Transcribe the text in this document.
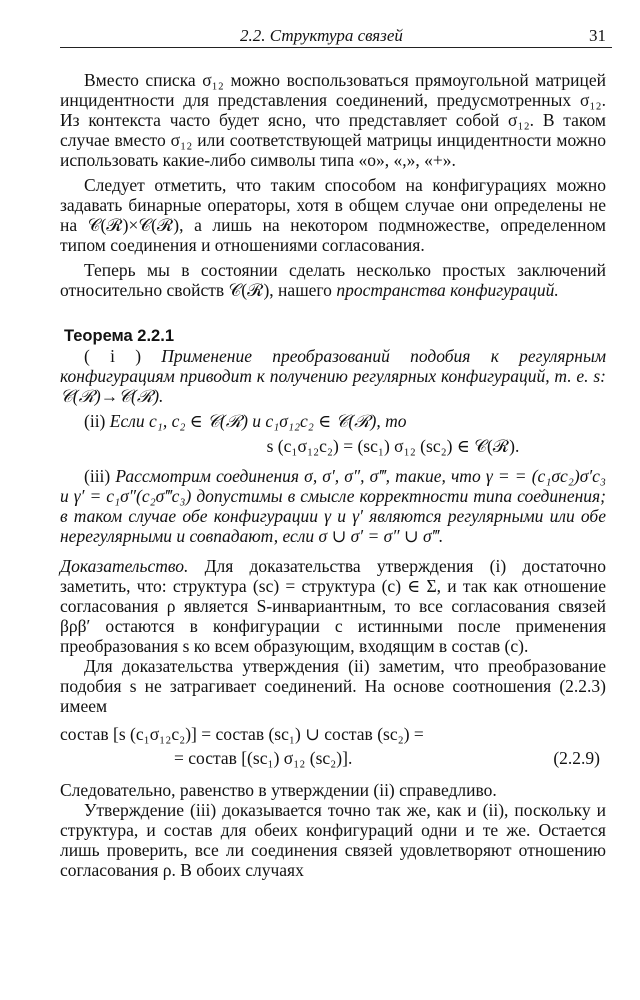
2.2. Структура связей	31

Вместо списка σ₁₂ можно воспользоваться прямоугольной матрицей инцидентности для представления соединений, предусмотренных σ₁₂. Из контекста часто будет ясно, что представляет собой σ₁₂. В таком случае вместо σ₁₂ или соответствующей матрицы инцидентности можно использовать какие-либо символы типа «о», «,», «+».

Следует отметить, что таким способом на конфигурациях можно задавать бинарные операторы, хотя в общем случае они определены не на 𝒞(ℛ)×𝒞(ℛ), а лишь на некотором подмножестве, определенном типом соединения и отношениями согласования.

Теперь мы в состоянии сделать несколько простых заключений относительно свойств 𝒞(ℛ), нашего пространства конфигураций.

Теорема 2.2.1

( i ) Применение преобразований подобия к регулярным конфигурациям приводит к получению регулярных конфигураций, т. е. s: 𝒞(ℛ)→𝒞(ℛ).

(ii) Если c₁, c₂ ∈ 𝒞(ℛ) и c₁σ₁₂c₂ ∈ 𝒞(ℛ), то

s (c₁σ₁₂c₂) = (sc₁) σ₁₂ (sc₂) ∈ 𝒞(ℛ).

(iii) Рассмотрим соединения σ, σ′, σ″, σ‴, такие, что γ = = (c₁σc₂)σ′c₃ и γ′ = c₁σ″(c₂σ‴c₃) допустимы в смысле корректности типа соединения; в таком случае обе конфигурации γ и γ′ являются регулярными или обе нерегулярными и совпадают, если σ ∪ σ′ = σ″ ∪ σ‴.

Доказательство. Для доказательства утверждения (i) достаточно заметить, что: структура (sc) = структура (c) ∈ Σ, и так как отношение согласования ρ является S-инвариантным, то все согласования связей βρβ′ остаются в конфигурации c истинными после применения преобразования s ко всем образующим, входящим в состав (c).

Для доказательства утверждения (ii) заметим, что преобразование подобия s не затрагивает соединений. На основе соотношения (2.2.3) имеем

состав [s (c₁σ₁₂c₂)] = состав (sc₁) ∪ состав (sc₂) =
= состав [(sc₁) σ₁₂ (sc₂)].	(2.2.9)

Следовательно, равенство в утверждении (ii) справедливо.

Утверждение (iii) доказывается точно так же, как и (ii), поскольку и структура, и состав для обеих конфигураций одни и те же. Остается лишь проверить, все ли соединения связей удовлетворяют отношению согласования ρ. В обоих случаях
